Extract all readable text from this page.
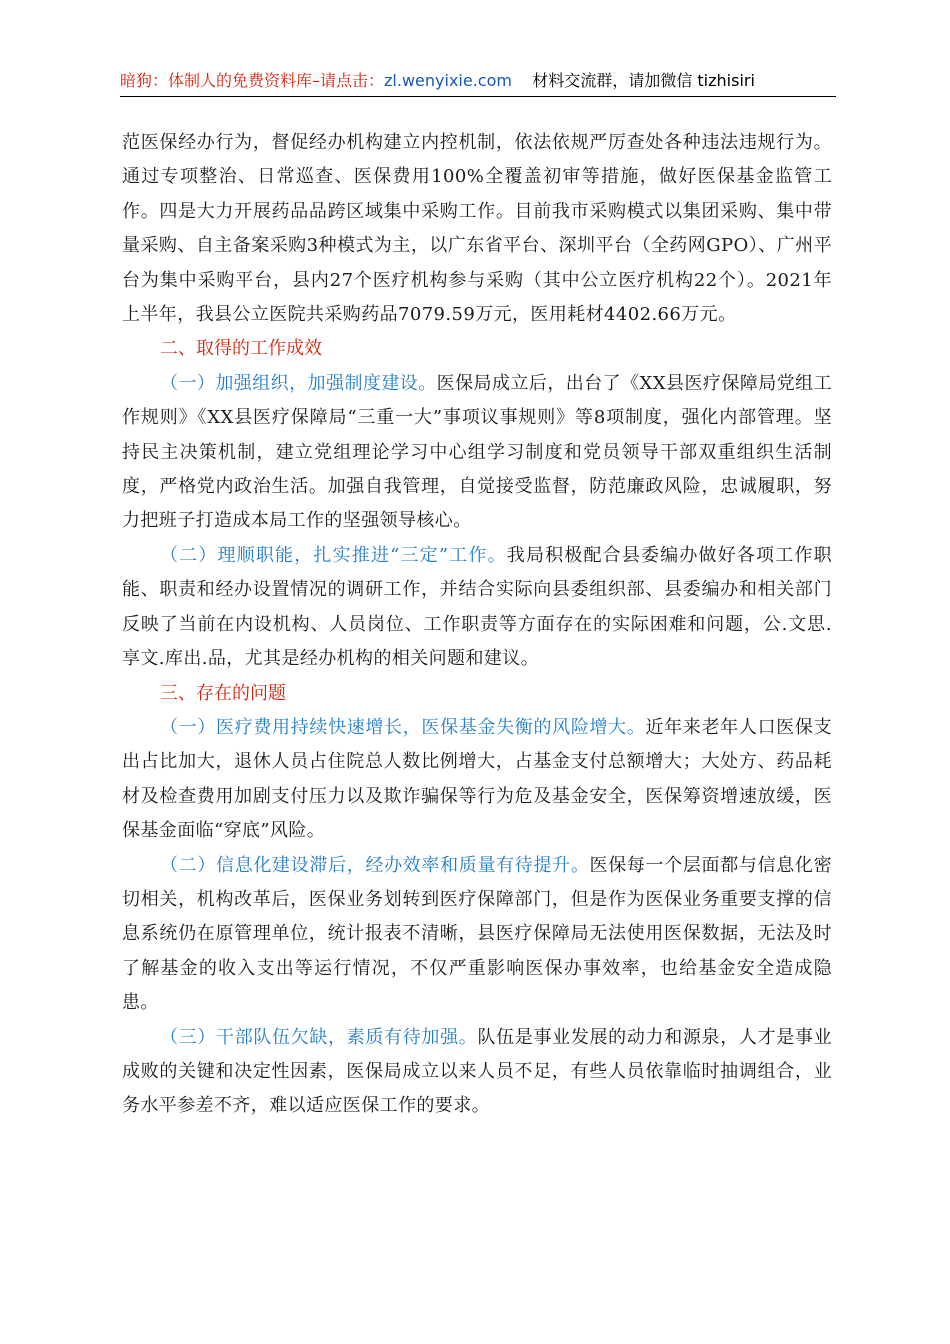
暗狗：体制人的免费资料库–请点击：zl.wenyixie.com 材料交流群，请加微信 tizhisiri

范医保经办行为，督促经办机构建立内控机制，依法依规严厉查处各种违法违规行为。通过专项整治、日常巡查、医保费用100%全覆盖初审等措施，做好医保基金监管工作。四是大力开展药品品跨区域集中采购工作。目前我市采购模式以集团采购、集中带量采购、自主备案采购3种模式为主，以广东省平台、深圳平台（全药网GPO）、广州平台为集中采购平台，县内27个医疗机构参与采购（其中公立医疗机构22个）。2021年上半年，我县公立医院共采购药品7079.59万元，医用耗材4402.66万元。

二、取得的工作成效

（一）加强组织，加强制度建设。医保局成立后，出台了《XX县医疗保障局党组工作规则》《XX县医疗保障局“三重一大”事项议事规则》等8项制度，强化内部管理。坚持民主决策机制，建立党组理论学习中心组学习制度和党员领导干部双重组织生活制度，严格党内政治生活。加强自我管理，自觉接受监督，防范廉政风险，忠诚履职，努力把班子打造成本局工作的坚强领导核心。

（二）理顺职能，扎实推进“三定”工作。我局积极配合县委编办做好各项工作职能、职责和经办设置情况的调研工作，并结合实际向县委组织部、县委编办和相关部门反映了当前在内设机构、人员岗位、工作职责等方面存在的实际困难和问题，公.文思.享文.库出.品，尤其是经办机构的相关问题和建议。

三、存在的问题

（一）医疗费用持续快速增长，医保基金失衡的风险增大。近年来老年人口医保支出占比加大，退休人员占住院总人数比例增大，占基金支付总额增大；大处方、药品耗材及检查费用加剧支付压力以及欺诈骗保等行为危及基金安全，医保筹资增速放缓，医保基金面临“穿底”风险。

（二）信息化建设滞后，经办效率和质量有待提升。医保每一个层面都与信息化密切相关，机构改革后，医保业务划转到医疗保障部门，但是作为医保业务重要支撑的信息系统仍在原管理单位，统计报表不清晰，县医疗保障局无法使用医保数据，无法及时了解基金的收入支出等运行情况，不仅严重影响医保办事效率，也给基金安全造成隐患。

（三）干部队伍欠缺，素质有待加强。队伍是事业发展的动力和源泉，人才是事业成败的关键和决定性因素，医保局成立以来人员不足，有些人员依靠临时抽调组合，业务水平参差不齐，难以适应医保工作的要求。
